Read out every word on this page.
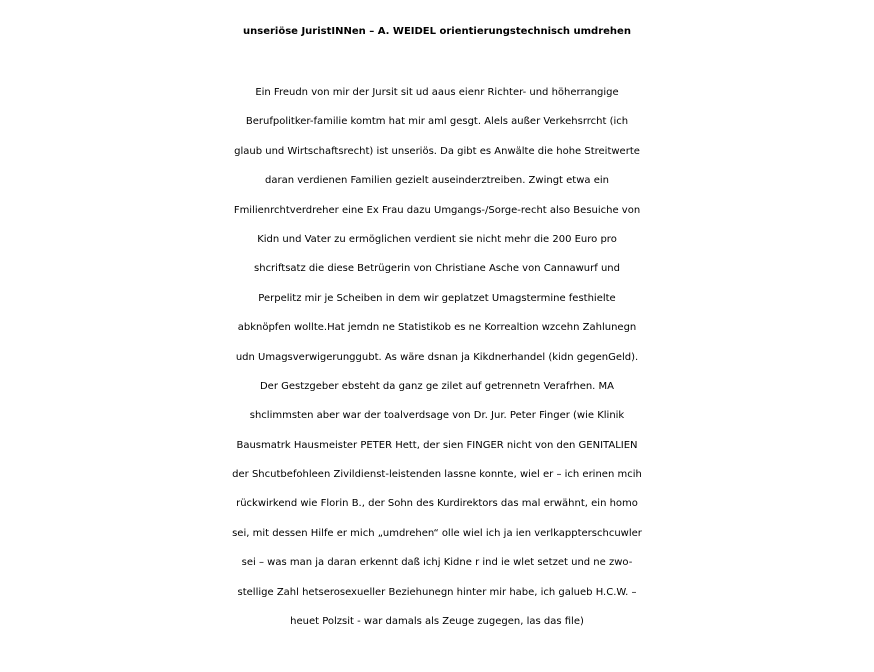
unseriöse JuristINNen – A. WEIDEL orientierungstechnisch umdrehen

Ein Freudn von mir der Jursit sit ud aaus eienr Richter- und höherrangige
Berufpolitker-familie komtm hat mir aml gesgt. Alels außer Verkehsrrcht (ich
glaub und Wirtschaftsrecht) ist unseriös. Da gibt es Anwälte die hohe Streitwerte
daran verdienen Familien gezielt auseinderztreiben. Zwingt etwa ein
Fmilienrchtverdreher eine Ex Frau dazu Umgangs-/Sorge-recht also Besuiche von
Kidn und Vater zu ermöglichen verdient sie nicht mehr die 200 Euro pro
shcriftsatz die diese Betrügerin von Christiane Asche von Cannawurf und
Perpelitz mir je Scheiben in dem wir geplatzet Umagstermine festhielte
abknöpfen wollte.Hat jemdn ne Statistikob es ne Korrealtion wzcehn Zahlunegn
udn Umagsverwigerunggubt. As wäre dsnan ja Kikdnerhandel (kidn gegenGeld).
Der Gestzgeber ebsteht da ganz ge zilet auf getrennetn Verafrhen. MA
shclimmsten aber war der toalverdsage von Dr. Jur. Peter Finger (wie Klinik
Bausmatrk Hausmeister PETER Hett, der sien FINGER nicht von den GENITALIEN
der Shcutbefohleen Zivildienst-leistenden lassne konnte, wiel er – ich erinen mcih
rückwirkend wie Florin B., der Sohn des Kurdirektors das mal erwähnt, ein homo
sei, mit dessen Hilfe er mich „umdrehen“ olle wiel ich ja ien verlkappterschcuwler
sei – was man ja daran erkennt daß ichj Kidne r ind ie wlet setzet und ne zwo-
stellige Zahl hetserosexueller Beziehunegn hinter mir habe, ich galueb H.C.W. –
heuet Polzsit - war damals als Zeuge zugegen, las das file)
